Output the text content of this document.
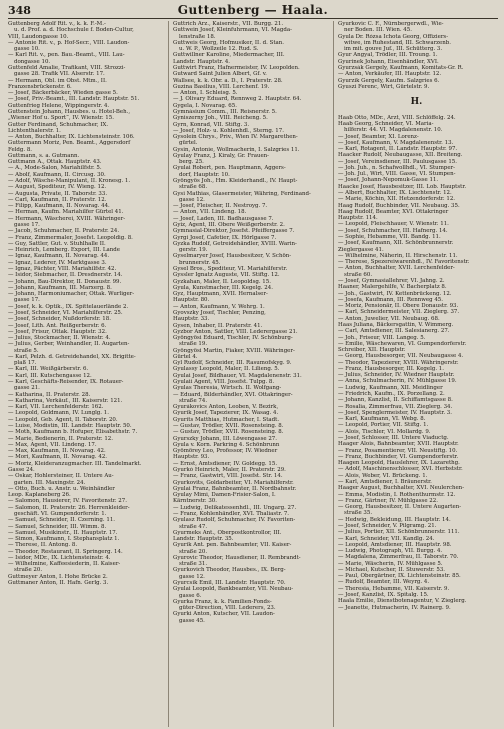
348	Guttenberg — Haala.
Guttenberg Adolf Rit. v., k. k. F.-M.-
u. d. Prof. a. d. Hochschule f. Boden-Cultur,
VIII, Laudongasse 10.
— Antonie Rit. v., p. Hof-Secr., VIII. Laudon-
gasse 10.
— Karl Rit. v., pen. Bau.-Beamt., VIII. Lau-
dongasse 10.
Guttenfeld Amalie, Trafikant, VIII. Strozzi-
gasse 28. Trafik VII. Alserstr. 17.
— Hermann, Obl. im Obst. Mtm., II.
Franzensbrückenstr. 6.
— Josef, Bäckerbäcker, Wieden gasse 5.
— Josef, Priv.-Beamt., III. Landstr. Hauptstr. 51.
Guttenfrieg Helene, Wippingerstr. 4.
Guttenstein Johann, Hausbes. u. Hotel-Beh.,
„Wiener Hof u. Sport“, IV. Wienstr. 15.
Gutter Ferdinand, Schuhmacher, IX.
Lichtenthalerstr. 1.
— Anton, Buchhalter, IX. Lichtensteinstr. 106.
Guttermann Moriz, Pen. Beamt., Aggersdorf
Feldg. 8.
Guttmann, s. a. Gutmann.
Guttmann A., Ottak. Hauptstr. 43.
— A., Mode-Salon, Mariahilfstr. 5.
— Abolf, Kaufmann, II. Circusg. 30.
— Adolf, Wäsche-Manipulant, II. Kronesg. 1.
— August, Spediteur, IV. Wieng. 12.
— Augusta, Private, II. Taborstr. 33.
— Carl, Kaufmann, II. Praterstr. 12.
— Filipp, Kaufmann, II. Novarag. 44.
— Herman, Kaufm. Mariahilfer Gürtel 41.
— Hermann, Wäscherei, XVIII. Währinger-
gasse 17.
— Jacob, Schuhmacher, II. Praterstr. 24.
— Franz, Zimmermaler, Josefst. Leopoldig. 8.
— Guy, Sattler, Gut. v. Stuhlhalle II.
— Heinrich, Lemberg. Export, III. Lande
— Ignaz, Kaufmann, II. Novarag. 44.
— Ignaz, Lederer, IV. Marktgasse 3.
— Ignaz, Pächter, VIII. Mariahilfstr. 42.
— Isidor, Siebmacher, II. Dresdnerstr. 14.
— Johann, Bau-Direktor, II. Donaustr. 99.
— Johann, Kaufmann, III. Marxerg. 8.
— Johann, Harmoniumacher, Ottak. Wurliger-
gasse 17.
— Josef, k. k. Optik., IX. Spittelauerlände 2.
— Josef, Schneider, VI. Mariahilferstr. 25.
— Josef, Schneider, Nußdorferstr. 18.
— Josef, Lith. Ant. Reißgerberstr. 6.
— Josef, Frisur, Ottak. Hauptstr. 32.
— Julius, Stockmacher, II. Wienstr. 4.
— Julius, Gerber, Weinhandler, II. Augarten-
straße 5.
— Karl, Pelzh. d. Getreidehandel, XX. Brigitte-
plaß 17.
— Karl, III. Weißgärberstr. 6.
— Karl, III. Kutschengasse 12.
— Karl, Geschäfts-Reisender, IX. Rotauer-
gasse 21.
— Katharina, II. Praterstr. 28.
— Katharina, Verkäuf., III. Kaiserstr. 121.
— Karl, VII. Lerchenfelderstr. 162.
— Leopold, Goldmann, IV. Lunglg. 1.
— Leopold, Geb. Agent, II. Taborstr. 20.
— Luise, Modistin, III. Landstr. Hauptstr. 50.
— Moth, Kaufmann b. Hofuper, Elisabethstr. 7.
— Marie, Bedienerin, II. Praterstr. 12.
— Max, Agent, VII. Lindeng. 17.
— Max, Kaufmann, II. Novarag. 42.
— Mori, Kaufmann, II. Novarag. 42.
— Moriz, Kleideranzugmacher. III. Tandelmarkt.
Gasse 24.
— Oskar, Hohlersteiner, II. Untere Au-
garten. III. Maxingstr. 24.
— Otto, Buch. u. Anstr. u. Weinhändler
Leop. Kaplaneberg 26.
— Salomon, Hausierer, IV. Favoritenstr. 27.
— Salomon, II. Praterstr. 26. Herrenkleider-
geschäft. VI. Gumpendorferstr. 1.
— Samuel, Schneider, II. Czerning. 11.
— Samuel, Schneider, III. Wimm. 8.
— Samuel, Musikinstr., II. Hauptstr. 17.
— Simon, Kaufmann, I. Stephansplatz 1.
— Therese, II. Antong. 8.
— Theodor, Restaurant, II. Springerg. 14.
— Isidor, MDr., IX. Lichtensteinstr. 4.
— Wilhelmine, Kaffeesiederin, II. Kaiser-
straße 20.
Guttmeyer Anton, I. Hohe Brücke 2.
Guttmaner Anton, II. Hafn. Gerlg. 3.
Guttrich Arz., Kaiserstr., VII. Burgg. 21.
Guttwein Josef, Kleinfuhrmann, VI. Magda-
lenstraße 18.
Guttweis Georg, Hofmusiker, II. d. Stan.
u. W. P., Wollzeile 12. Rud. S.
Guttwillner Karoline, Miedermacher, III.
Landstr. Hauptstr. 4.
Guttwirt Franz, Hafnermeister, IV. Leopolden.
Gutward Saint Julien Albert, Gf. v.
Wallsee, k. k. Obr. a. D., I. Praterstr. 28.
Guzina Basilius, VIII. Lerchenf. 19.
— Anton, I. Schleisg. 5.
— J. Olivary Eduard, Rennweg 2. Hauptstr. 64.
Gygela, I. Novarag. 65.
Gymnásium Comm., III. Reisnerstr. 5.
Gyniszerny Joh., VIII. Reicheng. 5.
Gyrn, Konrad, VII. Stiftg. 3.
— Josef, Holz- u. Kohlenhdl., Sterng. 17.
Gysolein Chrys., Priv., Wien IV. Margarethen-
gürtel.
Gysin, Antonie, Wollmacherin, I. Salzgries 11.
Gyulay Franz, J. Kiraly, Gr. Frauen-
berg. 25.
Gyulai Robert, pen. Hauptmann, Aggers-
dorf, Hauptstr. 10.
Gyöngyös Joh., Hm. Kleiderhandl., IV. Haupt-
straße 68.
Gysi Mathias, Glasermeister, Währing, Ferdinand-
gasse 12.
— Josef, Fleischer, II. Nestroyg. 7.
— Anton, VII. Lindeng. 18.
— Josef, Laden, III. Badhausgasse 7.
Gyiz, Agent, III. Obere Weißgerberstr. 2.
Gymnasial-Direktor, Josefst. Pfeiffergasse 7.
Gyrgi Josef, Cafetier, IX. Hörlgasse 7.
Gyzka Rudolf, Getreidehändler, XVIII. Warin-
gerstr. 19.
Gyselmaryer Josef, Hausbesitzer, V. Schön-
brunnerstr. 45.
Gysel Bros., Spediteur, VI. Mariahilferstr.
Gyssler Ignatz Auguste, VII. Stiftg. 12.
Gyzkahan, Maler, II. Leopoldsg. 15.
Gyula, Kunstmacher, III. Kegelg. 24.
Gyz, Hauptmann, XVII. Hernalser-
Hauptstr. 80.
— Anton, Kaufmann, V. Wehrg. 1.
Gyovszky Josef, Tischler, Penzing,
Hauptstr. 33.
Gysen, Inhaber, II. Praterstr. 41.
Gyzbor Anton, Sattler, VIII. Lederergasse 21.
Gyöngyösi Eduard, Tischler, IV. Schönburg-
straße 19.
Gyöngyösi Martin, Fiaker, XVIII. Währinger-
Gürtel 4.
Gyl Rudolf, Schneider, III. Rasumofskyg. 9.
Gyulassy Leopold, Maler, II. Lilieng. 5.
Gyulai Josef, Bildhauer, VI. Magdalenenstr. 31.
Gyulaii Agent, VIII. Josefst. Tulpg. 8.
Gyulas Theresia, Wirtsch. II. Wolfgang-
— Eduard, Bilderhändler, XVI. Ottakringer-
straße 74.
Gyurákovics Anton, Leoben, V. Bezirk,
Gyurik Josef, Tapezierer, IX. Wasag. 4.
Gyurits Matthias, Hutmacher, I. Stadt.
— Gustav, Trödler, XVII. Rosensteing. 8.
— Gustav, Trödler, XVII. Rosensteing. 8.
Gyurszky Johann, III. Löwengasse 27.
Gyula v. Korn. Parkring 4. Schönbrunn
Gyömörey Leo, Professor, IV. Wiedner
Hauptstr. 93.
— Ernst, Amtsdiener, IV. Goldegg. 15.
Gyurkó Heinrich, Maler, II. Praterstr. 29.
— Franz, Gastwirt, VIII. Josefst. Str. 14.
Gyurkovits, Goldarbeiter, VI. Mariahilferstr.
Gyulai Franz, Bahnbeamter, II. Nordbahnstr.
Gyulay Mimi, Damen-Frisier-Salon, I.
Kärntnerstr. 30.
— Ludwig, Delikatessenhdl., III. Ungarg. 27.
— Franz, Kohlenhändler, XVI. Thaliastr. 7.
Gyulasz Rudolf, Schuhmacher, IV. Favoriten-
straße 47.
Gyurmeks Ant., Oberpostkontrollor, III.
Landstr. Hauptstr. 35.
Gyurik Ant. pen. Bahnbeamter, VII. Kaiser-
straße 20.
Gyurovic Theodor, Hausdiener, II. Rembrandt-
straße 31.
Gyurkovich Theodor, Hausbes., IX. Berg-
gasse 12.
Gyurcsik Emil, III. Landstr. Hauptstr. 70.
Gyulai Leopold, Bankbeamter, VII. Neubau-
gasse 6.
Gyurka Franz, k. k. Familien-Fonds-
güter-Direction, VIII. Lederers, 23.
Gyurki Anton, Kutscher, VII. Laudon-
gasse 45.
Gyurkovic C. F., Nürnbergerwdl., Wie-
ner Boden. III. Wien. 45.
Gyula Dr. Rózsa Ichota Georg, Offiziers-
witwe, im Ruhestand, III. Schwarzenb.
im mit. gouve Juf., III. Schütterg. 3.
Gyur Angyal, Trödler, III. Troung. 1.
Gyurinek Johann, Eisenhändler, XVI.
Gyurzsák Gergely, Kaufmann, Komitats-Gr. R.
— Anton, Verkäufer, III. Hauptstr. 12.
Gyurzik Gergely, Kaufm. Salzgries 6.
Gyuszi Ferenc, Wirt, Gürtelstr. 9.

H.

Haab Otto, MDr., Arzt, VIII. Schlöffelg. 24.
Haab Georg, Schneider, VI. Maria-
hilferstr. 44. VI. Magdalenenstr. 10.
— Josef, Beamter, XI. Lorenz-
— Josef, Kaufmann, V. Magdalenenstr. 13.
— Karl, Rotagent, II. Landstr. Hauptstr. 97.
Haacker Rudolf, Neubaugasse, XII. Breiteng.
— Josef, Vereinsdiener, III. Paulusgasse 15.
— Joh. Juh., n. Schafwollhdl., VI. Stumper-
— Joh. Jul., Wirt, VIII. Gasse, VI. Stumpen-
— Josef, Johann-Nepomuk-Gasse 11.
Haacke Josef, Hausbesitzer, III. Lob. Hauptstr.
— Albert, Buchhalter, IX. Liechtenstr. 12.
— Marie, Köchin, XII. Hetzendorferstr. 12.
Haag Rudolf, Buchbinder, VII. Neubaug. 35.
Haag Rudolf, Beamter, XVI. Ottakringer
Hauptstr. 114.
— Leopold, Fleischhauer, V. Wienstr. 11.
— Josef, Schuhmacher, III. Hafnerg. 14.
— Sophie, Hebamme, VII. Bandg. 11.
— Josef, Kaufmann, XII. Schönbrunnerstr.
Zieglergasse 41.
— Wilhelmine, Näherin, II. Hirschenstr. 11.
— Therese, Spezereiwarenhdl., IV. Favoritenstr.
— Anton, Buchhalter, XVII. Lerchenfelder-
straße 60.
— Josef, Gymnasiallehrer, VI. Jahng. 2.
Haaner, Malergehilfe, V. Bacherplatz 8.
— Joh., Gastwirt, IV. Kettenbrückeng. 12.
— Josefa, Kaufmann, III. Rennweg 45.
— Moriz, Pensionär, II. Obere Donaustr. 93.
— Karl, Schneidermeister, VII. Zieglerg. 37.
— Anton, Juwelier, VII. Neubaug. 68.
Haas Juliana, Bäckersgattin, V. Wimmerg.
— Carl, Amtsdiener, III. Salesianerg. 27.
— Joh., Friseur, VIII. Langeg. 5.
— Emilie, Wäschewaren, VI. Gumpendorferstr.
Schreiber, XII. Hauptstr.
— Georg, Hausbesorger, VII. Neubaugasse 4.
— Theodor, Tapezierer, XVIII. Währingerstr.
— Franz, Hausbesorger, III. Kegelg. 1.
— Julius, Schneider, IV. Wiedner Hauptstr.
— Anna, Schulmacherin, IV. Mühlgasse 19.
— Ludwig, Kaufmann, XII. Meidlinger
— Friedrich, Kaufm., IX. Porzellang. 2.
— Johann, Kanzlist, II. Schiffamtsgasse 8.
— Rosalia, Zimmerfrau, VII. Zieglerg. 34.
— Josef, Spenglermeister, IV. Hauptstr. 3.
— Karl, Kaufmann, VI. Webg. 8.
— Leopold, Portier, VII. Stiftg. 1.
— Alois, Tischler, VI. Mollardg. 9.
— Josef, Schlosser, III. Untere Viaductg.
Haager Alois, Bahnbeamter, XVII. Hauptstr.
— Franz, Posamentierer, VII. Neustiftg. 10.
— Franz, Buchbinder, VI. Gumpendorferstr.
Haagen Leopold, Hauslehrer, IX. Lazarethg.
— Adolf, Maschinenschlosser, XVI. Herbststr.
— Alois, Weber, VI. Brückeng. 1.
— Karl, Amtsdiener, I. Bräunerstr.
Haager August, Buchhalter, XVI. Neulerchen-
— Emma, Modistin, I. Rothenthurmstr. 12.
— Franz, Gärtner, IV. Mühlgasse 22.
— Georg, Hausbesitzer, II. Untere Augarten-
straße 35.
— Hedwig, Bekleidung, III. Hauptstr. 14.
— Josef, Schneider, V. Pilgramg. 21.
— Julius, Portier, XII. Schönbrunnerstr. 111.
— Karl, Schneider, VII. Kandlg. 24.
— Leopold, Amtsdiener, III. Hauptstr. 98.
— Ludwig, Photograph, VII. Burgg. 4.
— Magdalena, Zimmerfrau, II. Taborstr. 70.
— Marie, Wäscherin, IV. Mühlgasse 5.
— Michael, Kutscher, II. Stuwerstr. 53.
— Paul, Obergärtner, IX. Lichtensteinstr. 85.
— Rudolf, Beamter, III. Weyrg. 4.
— Theresia, Hebamme, VII. Kaiserstr. 9.
— Josef, Kanzlist, IX. Spitalg. 15.
Haala Emilie, Dienstbotenagentur, V. Zieglerg.
— Jeanette, Hutmacherin, IV. Rainerg. 9.
